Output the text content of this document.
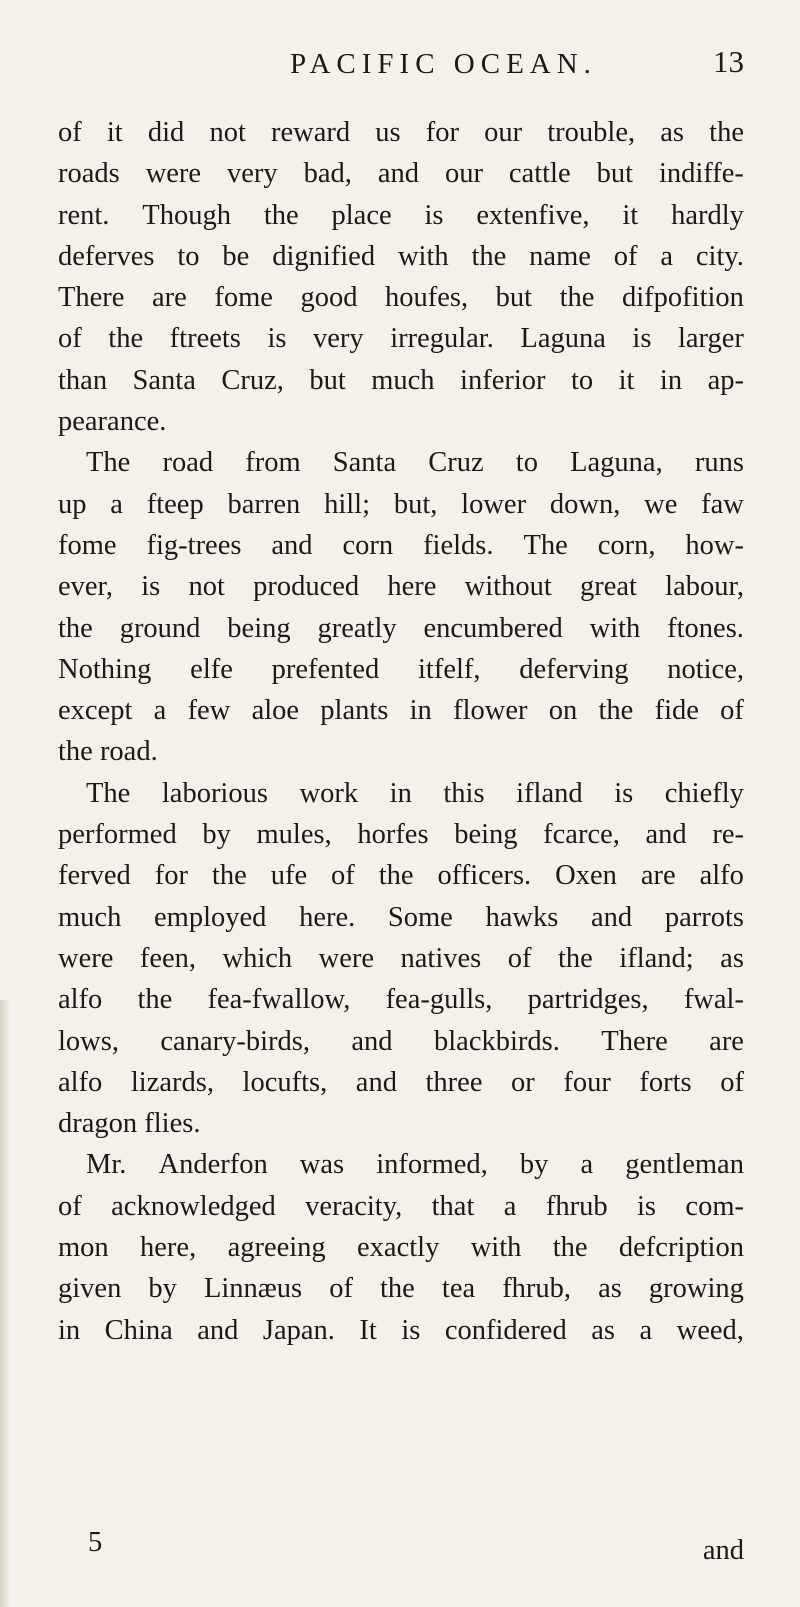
PACIFIC OCEAN.	13
of it did not reward us for our trouble, as the
roads were very bad, and our cattle but indiffe-
rent. Though the place is extenfive, it hardly
deferves to be dignified with the name of a city.
There are fome good houfes, but the difpofition
of the ftreets is very irregular. Laguna is larger
than Santa Cruz, but much inferior to it in ap-
pearance.
The road from Santa Cruz to Laguna, runs
up a fteep barren hill; but, lower down, we faw
fome fig-trees and corn fields. The corn, how-
ever, is not produced here without great labour,
the ground being greatly encumbered with ftones.
Nothing elfe prefented itfelf, deferving notice,
except a few aloe plants in flower on the fide of
the road.
The laborious work in this ifland is chiefly
performed by mules, horfes being fcarce, and re-
ferved for the ufe of the officers. Oxen are alfo
much employed here. Some hawks and parrots
were feen, which were natives of the ifland; as
alfo the fea-fwallow, fea-gulls, partridges, fwal-
lows, canary-birds, and blackbirds. There are
alfo lizards, locufts, and three or four forts of
dragon flies.
Mr. Anderfon was informed, by a gentleman
of acknowledged veracity, that a fhrub is com-
mon here, agreeing exactly with the defcription
given by Linnæus of the tea fhrub, as growing
in China and Japan. It is confidered as a weed,
5	and
